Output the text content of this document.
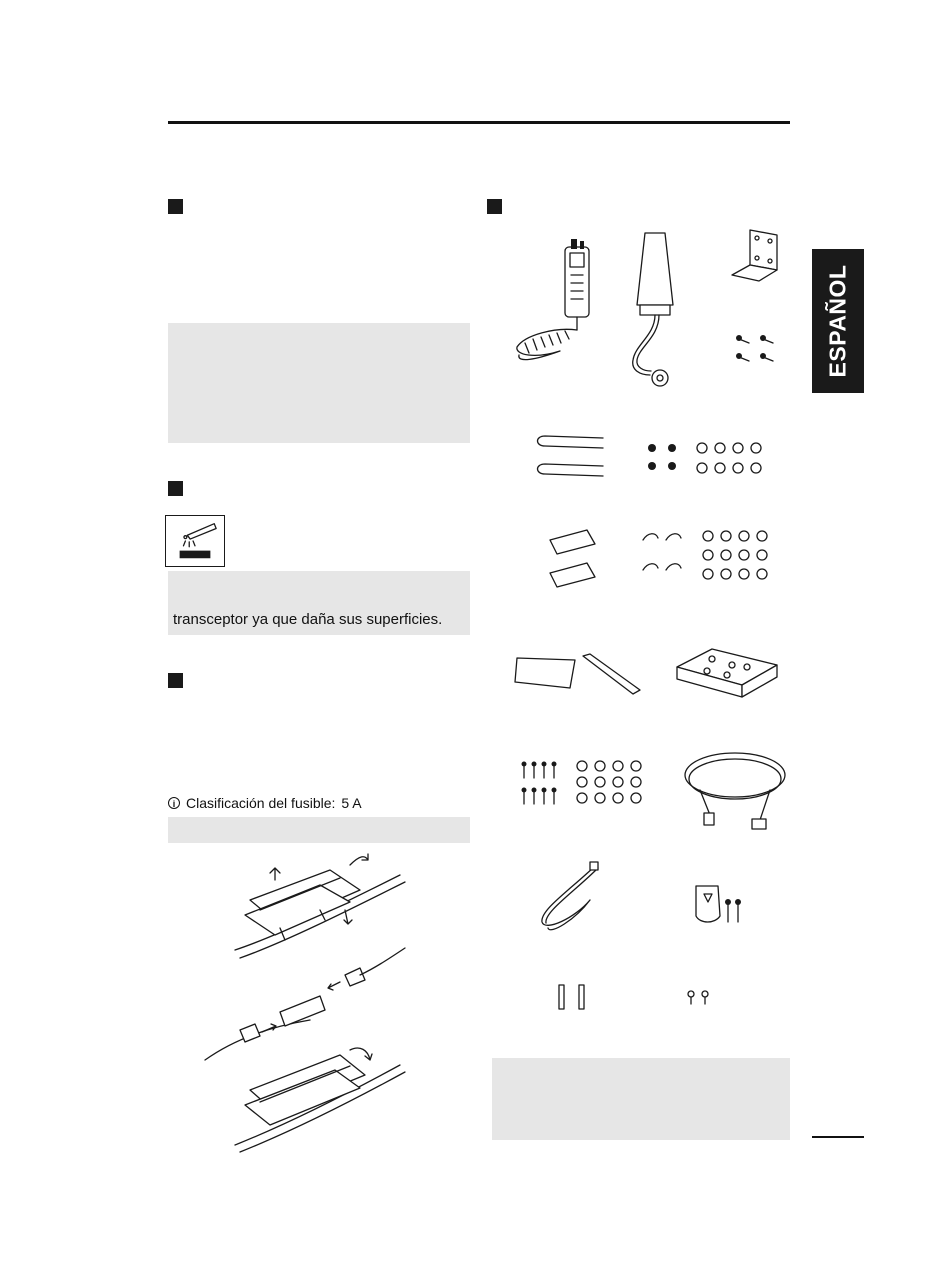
transceptor ya que daña sus superficies.
i Clasificación del fusible: 5 A
ESPAÑOL
